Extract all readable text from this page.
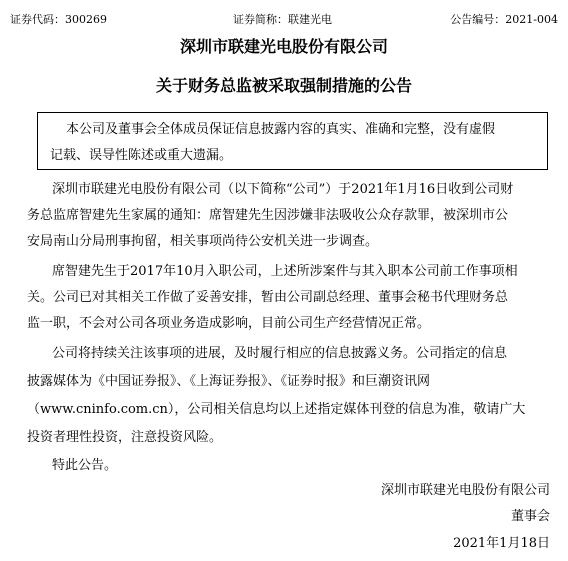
证券代码：300269	证券简称：联建光电	公告编号：2021-004
深圳市联建光电股份有限公司
关于财务总监被采取强制措施的公告
本公司及董事会全体成员保证信息披露内容的真实、准确和完整，没有虚假
记载、误导性陈述或重大遗漏。
深圳市联建光电股份有限公司（以下简称“公司”）于2021年1月16日收到公司财
务总监席智建先生家属的通知：席智建先生因涉嫌非法吸收公众存款罪，被深圳市公
安局南山分局刑事拘留，相关事项尚待公安机关进一步调查。
席智建先生于2017年10月入职公司，上述所涉案件与其入职本公司前工作事项相
关。公司已对其相关工作做了妥善安排，暂由公司副总经理、董事会秘书代理财务总
监一职，不会对公司各项业务造成影响，目前公司生产经营情况正常。
公司将持续关注该事项的进展，及时履行相应的信息披露义务。公司指定的信息
披露媒体为《中国证券报》、《上海证券报》、《证券时报》和巨潮资讯网
（www.cninfo.com.cn），公司相关信息均以上述指定媒体刊登的信息为准，敬请广大
投资者理性投资，注意投资风险。
特此公告。
深圳市联建光电股份有限公司
董事会
2021年1月18日
